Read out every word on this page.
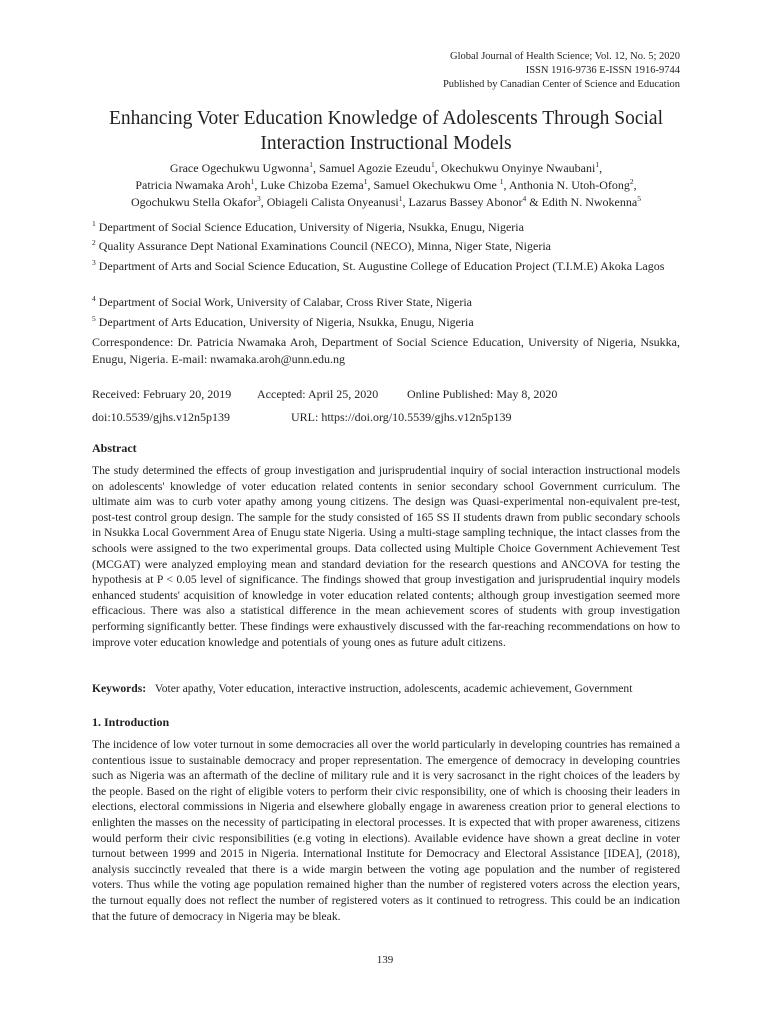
Global Journal of Health Science; Vol. 12, No. 5; 2020
ISSN 1916-9736 E-ISSN 1916-9744
Published by Canadian Center of Science and Education
Enhancing Voter Education Knowledge of Adolescents Through Social
Interaction Instructional Models
Grace Ogechukwu Ugwonna$^1$, Samuel Agozie Ezeudu$^1$, Okechukwu Onyinye Nwaubani$^1$,
Patricia Nwamaka Aroh$^1$, Luke Chizoba Ezema$^1$, Samuel Okechukwu Ome $^1$, Anthonia N. Utoh-Ofong$^2$,
Ogochukwu Stella Okafor$^3$, Obiageli Calista Onyeanusi$^1$, Lazarus Bassey Abonor$^4$ & Edith N. Nwokenna$^5$
$^1$ Department of Social Science Education, University of Nigeria, Nsukka, Enugu, Nigeria
$^2$ Quality Assurance Dept National Examinations Council (NECO), Minna, Niger State, Nigeria
$^3$ Department of Arts and Social Science Education, St. Augustine College of Education Project (T.I.M.E) Akoka Lagos
$^4$ Department of Social Work, University of Calabar, Cross River State, Nigeria
$^5$ Department of Arts Education, University of Nigeria, Nsukka, Enugu, Nigeria
Correspondence: Dr. Patricia Nwamaka Aroh, Department of Social Science Education, University of Nigeria, Nsukka, Enugu, Nigeria. E-mail: nwamaka.aroh@unn.edu.ng
Received: February 20, 2019 Accepted: April 25, 2020 Online Published: May 8, 2020
doi:10.5539/gjhs.v12n5p139	URL: https://doi.org/10.5539/gjhs.v12n5p139
Abstract
The study determined the effects of group investigation and jurisprudential inquiry of social interaction instructional models on adolescents' knowledge of voter education related contents in senior secondary school Government curriculum. The ultimate aim was to curb voter apathy among young citizens. The design was Quasi-experimental non-equivalent pre-test, post-test control group design. The sample for the study consisted of 165 SS II students drawn from public secondary schools in Nsukka Local Government Area of Enugu state Nigeria. Using a multi-stage sampling technique, the intact classes from the schools were assigned to the two experimental groups. Data collected using Multiple Choice Government Achievement Test (MCGAT) were analyzed employing mean and standard deviation for the research questions and ANCOVA for testing the hypothesis at P < 0.05 level of significance. The findings showed that group investigation and jurisprudential inquiry models enhanced students' acquisition of knowledge in voter education related contents; although group investigation seemed more efficacious. There was also a statistical difference in the mean achievement scores of students with group investigation performing significantly better. These findings were exhaustively discussed with the far-reaching recommendations on how to improve voter education knowledge and potentials of young ones as future adult citizens.
Keywords: Voter apathy, Voter education, interactive instruction, adolescents, academic achievement, Government
1. Introduction
The incidence of low voter turnout in some democracies all over the world particularly in developing countries has remained a contentious issue to sustainable democracy and proper representation. The emergence of democracy in developing countries such as Nigeria was an aftermath of the decline of military rule and it is very sacrosanct in the right choices of the leaders by the people. Based on the right of eligible voters to perform their civic responsibility, one of which is choosing their leaders in elections, electoral commissions in Nigeria and elsewhere globally engage in awareness creation prior to general elections to enlighten the masses on the necessity of participating in electoral processes. It is expected that with proper awareness, citizens would perform their civic responsibilities (e.g voting in elections). Available evidence have shown a great decline in voter turnout between 1999 and 2015 in Nigeria. International Institute for Democracy and Electoral Assistance [IDEA], (2018), analysis succinctly revealed that there is a wide margin between the voting age population and the number of registered voters. Thus while the voting age population remained higher than the number of registered voters across the election years, the turnout equally does not reflect the number of registered voters as it continued to retrogress. This could be an indication that the future of democracy in Nigeria may be bleak.
139
